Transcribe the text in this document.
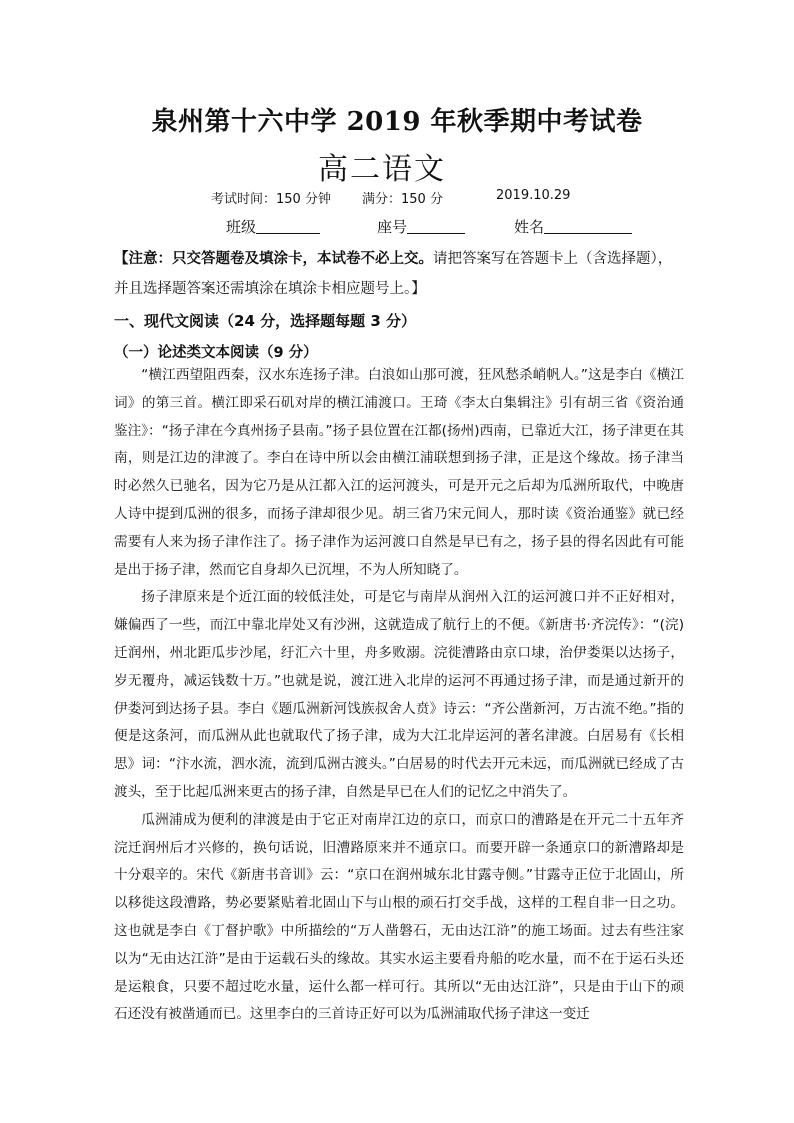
泉州第十六中学 2019 年秋季期中考试卷
高二语文
考试时间：150 分钟 满分：150 分	2019.10.29
班级	座号	姓名
【注意：只交答题卷及填涂卡，本试卷不必上交。请把答案写在答题卡上（含选择题），并且选择题答案还需填涂在填涂卡相应题号上。】
一、现代文阅读（24 分，选择题每题 3 分）
（一）论述类文本阅读（9 分）

“横江西望阻西秦，汉水东连扬子津。白浪如山那可渡，狂风愁杀峭帆人。”这是李白《横江词》的第三首。横江即采石矶对岸的横江浦渡口。王琦《李太白集辑注》引有胡三省《资治通鉴注》：“扬子津在今真州扬子县南。”扬子县位置在江都(扬州)西南，已靠近大江，扬子津更在其南，则是江边的津渡了。李白在诗中所以会由横江浦联想到扬子津，正是这个缘故。扬子津当时必然久已驰名，因为它乃是从江都入江的运河渡头，可是开元之后却为瓜洲所取代，中晚唐人诗中提到瓜洲的很多，而扬子津却很少见。胡三省乃宋元间人，那时读《资治通鉴》就已经需要有人来为扬子津作注了。扬子津作为运河渡口自然是早已有之，扬子县的得名因此有可能是出于扬子津，然而它自身却久已沉埋，不为人所知晓了。

扬子津原来是个近江面的较低洼处，可是它与南岸从润州入江的运河渡口并不正好相对，嫌偏西了一些，而江中靠北岸处又有沙洲，这就造成了航行上的不便。《新唐书·齐浣传》：“(浣)迁润州，州北距瓜步沙尾，纡汇六十里，舟多败溺。浣徙漕路由京口埭，治伊娄渠以达扬子，岁无覆舟，减运钱数十万。”也就是说，渡江进入北岸的运河不再通过扬子津，而是通过新开的伊娄河到达扬子县。李白《题瓜洲新河饯族叔舍人贲》诗云：“齐公凿新河，万古流不绝。”指的便是这条河，而瓜洲从此也就取代了扬子津，成为大江北岸运河的著名津渡。白居易有《长相思》词：“汴水流，泗水流，流到瓜洲古渡头。”白居易的时代去开元未远，而瓜洲就已经成了古渡头，至于比起瓜洲来更古的扬子津，自然是早已在人们的记忆之中消失了。

瓜洲浦成为便利的津渡是由于它正对南岸江边的京口，而京口的漕路是在开元二十五年齐浣迁润州后才兴修的，换句话说，旧漕路原来并不通京口。而要开辟一条通京口的新漕路却是十分艰辛的。宋代《新唐书音训》云：“京口在润州城东北甘露寺侧。”甘露寺正位于北固山，所以移徙这段漕路，势必要紧贴着北固山下与山根的顽石打交手战，这样的工程自非一日之功。这也就是李白《丁督护歌》中所描绘的“万人凿磐石，无由达江浒”的施工场面。过去有些注家以为“无由达江浒”是由于运载石头的缘故。其实水运主要看舟船的吃水量，而不在于运石头还是运粮食，只要不超过吃水量，运什么都一样可行。其所以“无由达江浒”，只是由于山下的顽石还没有被凿通而已。这里李白的三首诗正好可以为瓜洲浦取代扬子津这一变迁
